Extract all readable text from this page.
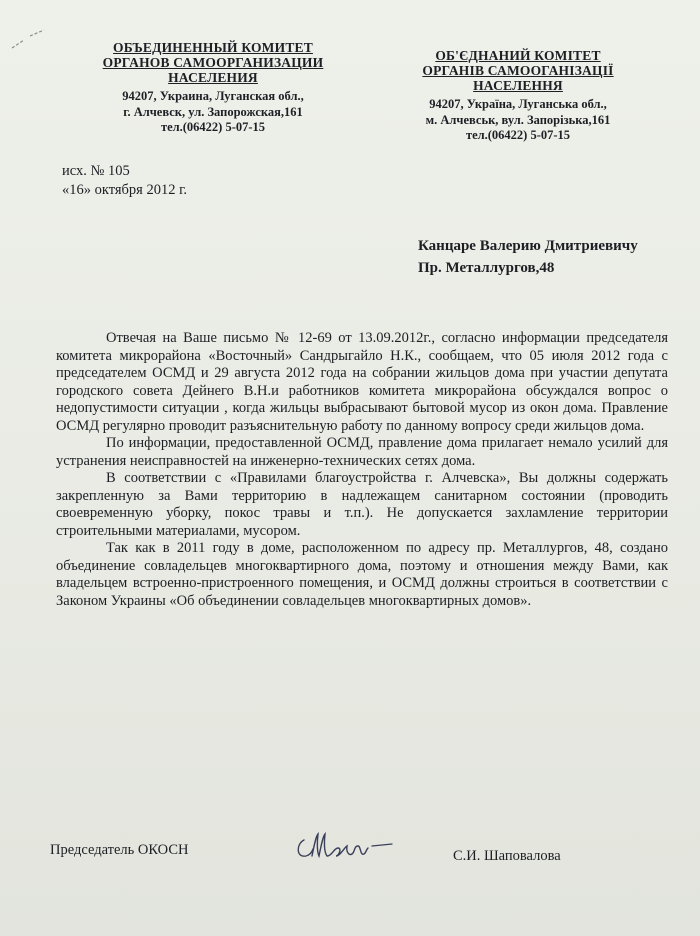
ОБЪЕДИНЕННЫЙ КОМИТЕТ
ОРГАНОВ САМООРГАНИЗАЦИИ
НАСЕЛЕНИЯ
94207, Украина, Луганская обл.,
г. Алчевск, ул. Запорожская,161
тел.(06422) 5-07-15
ОБ'ЄДНАНИЙ КОМІТЕТ
ОРГАНІВ САМООГАНІЗАЦІЇ
НАСЕЛЕННЯ
94207, Україна, Луганська обл.,
м. Алчевськ, вул. Запорізька,161
тел.(06422) 5-07-15
исх. № 105
«16» октября 2012 г.
Канцаре Валерию Дмитриевичу
Пр. Металлургов,48

Отвечая на Ваше письмо № 12-69 от 13.09.2012г., согласно информации председателя комитета микрорайона «Восточный» Сандрыгайло Н.К., сообщаем, что 05 июля 2012 года с председателем ОСМД и 29 августа 2012 года на собрании жильцов дома при участии депутата городского совета Дейнего В.Н.и работников комитета микрорайона обсуждался вопрос о недопустимости ситуации , когда жильцы выбрасывают бытовой мусор из окон дома. Правление ОСМД регулярно проводит разъяснительную работу по данному вопросу среди жильцов дома.

По информации, предоставленной ОСМД, правление дома прилагает немало усилий для устранения неисправностей на инженерно-технических сетях дома.

В соответствии с «Правилами благоустройства г. Алчевска», Вы должны содержать закрепленную за Вами территорию в надлежащем санитарном состоянии (проводить своевременную уборку, покос травы и т.п.). Не допускается захламление территории строительными материалами, мусором.

Так как в 2011 году в доме, расположенном по адресу пр. Металлургов, 48, создано объединение совладельцев многоквартирного дома, поэтому и отношения между Вами, как владельцем встроенно-пристроенного помещения, и ОСМД должны строиться в соответствии с Законом Украины «Об объединении совладельцев многоквартирных домов».

Председатель ОКОСН	С.И. Шаповалова
